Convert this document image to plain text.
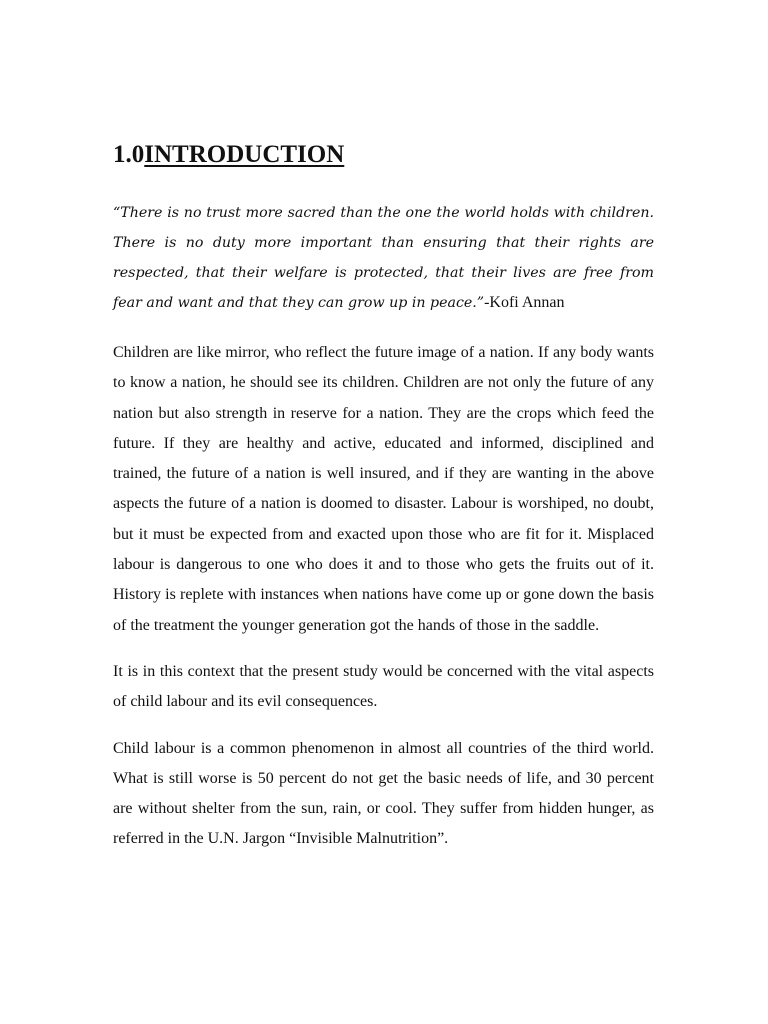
1.0INTRODUCTION

“There is no trust more sacred than the one the world holds with children. There is no duty more important than ensuring that their rights are respected, that their welfare is protected, that their lives are free from fear and want and that they can grow up in peace.”-Kofi Annan

Children are like mirror, who reflect the future image of a nation. If any body wants to know a nation, he should see its children. Children are not only the future of any nation but also strength in reserve for a nation. They are the crops which feed the future. If they are healthy and active, educated and informed, disciplined and trained, the future of a nation is well insured, and if they are wanting in the above aspects the future of a nation is doomed to disaster. Labour is worshiped, no doubt, but it must be expected from and exacted upon those who are fit for it. Misplaced labour is dangerous to one who does it and to those who gets the fruits out of it. History is replete with instances when nations have come up or gone down the basis of the treatment the younger generation got the hands of those in the saddle.

It is in this context that the present study would be concerned with the vital aspects of child labour and its evil consequences.

Child labour is a common phenomenon in almost all countries of the third world. What is still worse is 50 percent do not get the basic needs of life, and 30 percent are without shelter from the sun, rain, or cool. They suffer from hidden hunger, as referred in the U.N. Jargon “Invisible Malnutrition”.
